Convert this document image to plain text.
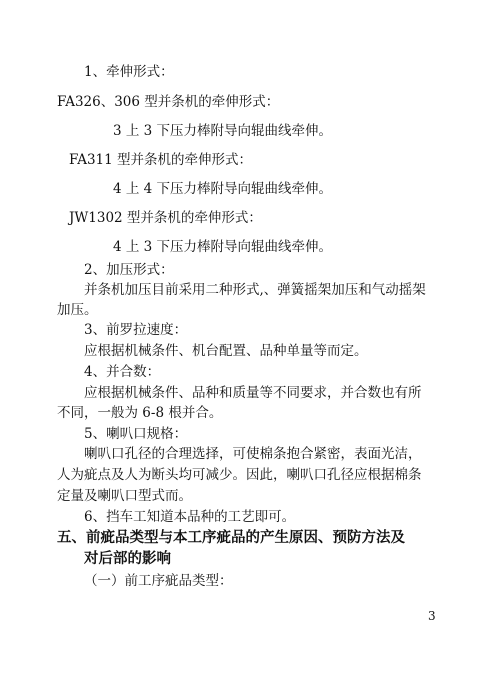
1、牵伸形式：
FA326、306 型并条机的牵伸形式：
3 上 3 下压力棒附导向辊曲线牵伸。
FA311 型并条机的牵伸形式：
4 上 4 下压力棒附导向辊曲线牵伸。
JW1302 型并条机的牵伸形式：
4 上 3 下压力棒附导向辊曲线牵伸。
2、加压形式：
并条机加压目前采用二种形式,、弹簧摇架加压和气动摇架
加压。
3、前罗拉速度：
应根据机械条件、机台配置、品种单量等而定。
4、并合数：
应根据机械条件、品种和质量等不同要求，并合数也有所
不同，一般为 6-8 根并合。
5、喇叭口规格：
喇叭口孔径的合理选择，可使棉条抱合紧密，表面光洁，
人为疵点及人为断头均可减少。因此，喇叭口孔径应根据棉条
定量及喇叭口型式而。
6、挡车工知道本品种的工艺即可。
五、前疵品类型与本工序疵品的产生原因、预防方法及
对后部的影响
（一）前工序疵品类型：
3
